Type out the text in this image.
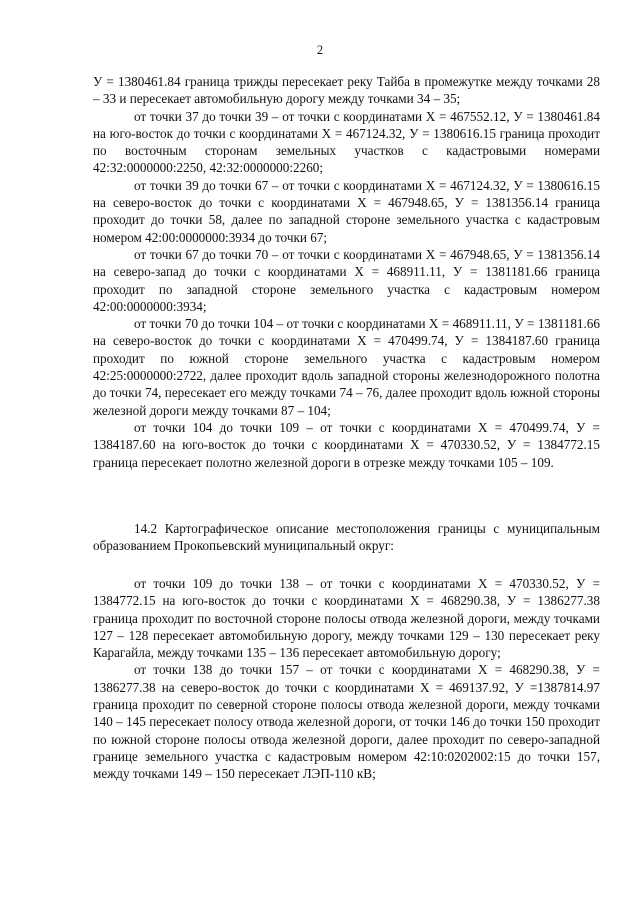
2

У = 1380461.84 граница трижды пересекает реку Тайба в промежутке между точками 28 – 33 и пересекает автомобильную дорогу между точками 34 – 35;

от точки 37 до точки 39 – от точки с координатами Х = 467552.12, У = 1380461.84 на юго-восток до точки с координатами Х = 467124.32, У = 1380616.15 граница проходит по восточным сторонам земельных участков с кадастровыми номерами 42:32:0000000:2250, 42:32:0000000:2260;

от точки 39 до точки 67 – от точки с координатами Х = 467124.32, У = 1380616.15 на северо-восток до точки с координатами Х = 467948.65, У = 1381356.14 граница проходит до точки 58, далее по западной стороне земельного участка с кадастровым номером 42:00:0000000:3934 до точки 67;

от точки 67 до точки 70 – от точки с координатами Х = 467948.65, У = 1381356.14 на северо-запад до точки с координатами Х = 468911.11, У = 1381181.66 граница проходит по западной стороне земельного участка с кадастровым номером 42:00:0000000:3934;

от точки 70 до точки 104 – от точки с координатами Х = 468911.11, У = 1381181.66 на северо-восток до точки с координатами Х = 470499.74, У = 1384187.60 граница проходит по южной стороне земельного участка с кадастровым номером 42:25:0000000:2722, далее проходит вдоль западной стороны железнодорожного полотна до точки 74, пересекает его между точками 74 – 76, далее проходит вдоль южной стороны железной дороги между точками 87 – 104;

от точки 104 до точки 109 – от точки с координатами Х = 470499.74, У = 1384187.60 на юго-восток до точки с координатами Х = 470330.52, У = 1384772.15 граница пересекает полотно железной дороги в отрезке между точками 105 – 109.

14.2 Картографическое описание местоположения границы с муниципальным образованием Прокопьевский муниципальный округ:

от точки 109 до точки 138 – от точки с координатами Х = 470330.52, У = 1384772.15 на юго-восток до точки с координатами Х = 468290.38, У = 1386277.38 граница проходит по восточной стороне полосы отвода железной дороги, между точками 127 – 128 пересекает автомобильную дорогу, между точками 129 – 130 пересекает реку Карагайла, между точками 135 – 136 пересекает автомобильную дорогу;

от точки 138 до точки 157 – от точки с координатами Х = 468290.38, У = 1386277.38 на северо-восток до точки с координатами Х = 469137.92, У =1387814.97 граница проходит по северной стороне полосы отвода железной дороги, между точками 140 – 145 пересекает полосу отвода железной дороги, от точки 146 до точки 150 проходит по южной стороне полосы отвода железной дороги, далее проходит по северо-западной границе земельного участка с кадастровым номером 42:10:0202002:15 до точки 157, между точками 149 – 150 пересекает ЛЭП-110 кВ;
